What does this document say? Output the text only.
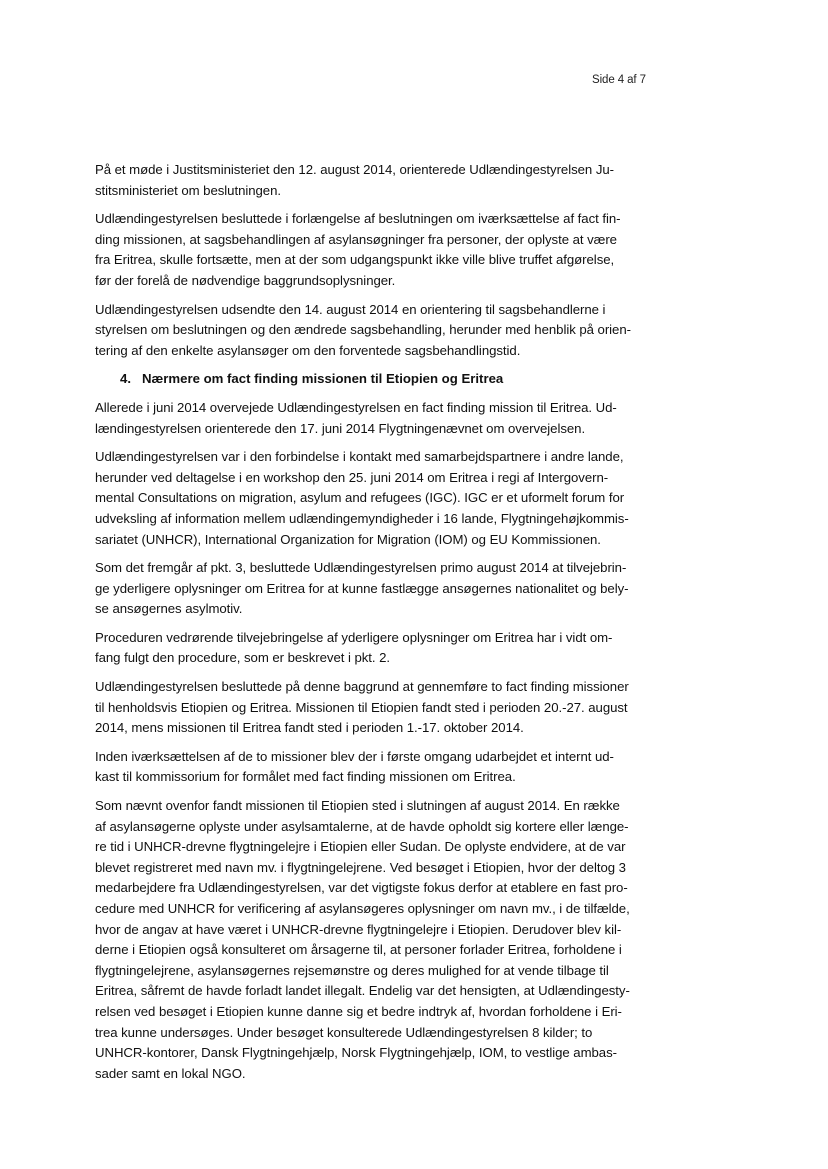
Side 4 af 7

På et møde i Justitsministeriet den 12. august 2014, orienterede Udlændingestyrelsen Ju-
stitsministeriet om beslutningen.

Udlændingestyrelsen besluttede i forlængelse af beslutningen om iværksættelse af fact fin-
ding missionen, at sagsbehandlingen af asylansøgninger fra personer, der oplyste at være
fra Eritrea, skulle fortsætte, men at der som udgangspunkt ikke ville blive truffet afgørelse,
før der forelå de nødvendige baggrundsoplysninger.

Udlændingestyrelsen udsendte den 14. august 2014 en orientering til sagsbehandlerne i
styrelsen om beslutningen og den ændrede sagsbehandling, herunder med henblik på orien-
tering af den enkelte asylansøger om den forventede sagsbehandlingstid.

4. Nærmere om fact finding missionen til Etiopien og Eritrea

Allerede i juni 2014 overvejede Udlændingestyrelsen en fact finding mission til Eritrea. Ud-
lændingestyrelsen orienterede den 17. juni 2014 Flygtningenævnet om overvejelsen.

Udlændingestyrelsen var i den forbindelse i kontakt med samarbejdspartnere i andre lande,
herunder ved deltagelse i en workshop den 25. juni 2014 om Eritrea i regi af Intergovern-
mental Consultations on migration, asylum and refugees (IGC). IGC er et uformelt forum for
udveksling af information mellem udlændingemyndigheder i 16 lande, Flygtningehøjkommis-
sariatet (UNHCR), International Organization for Migration (IOM) og EU Kommissionen.

Som det fremgår af pkt. 3, besluttede Udlændingestyrelsen primo august 2014 at tilvejebrin-
ge yderligere oplysninger om Eritrea for at kunne fastlægge ansøgernes nationalitet og bely-
se ansøgernes asylmotiv.

Proceduren vedrørende tilvejebringelse af yderligere oplysninger om Eritrea har i vidt om-
fang fulgt den procedure, som er beskrevet i pkt. 2.

Udlændingestyrelsen besluttede på denne baggrund at gennemføre to fact finding missioner
til henholdsvis Etiopien og Eritrea. Missionen til Etiopien fandt sted i perioden 20.-27. august
2014, mens missionen til Eritrea fandt sted i perioden 1.-17. oktober 2014.

Inden iværksættelsen af de to missioner blev der i første omgang udarbejdet et internt ud-
kast til kommissorium for formålet med fact finding missionen om Eritrea.

Som nævnt ovenfor fandt missionen til Etiopien sted i slutningen af august 2014. En række
af asylansøgerne oplyste under asylsamtalerne, at de havde opholdt sig kortere eller længe-
re tid i UNHCR-drevne flygtningelejre i Etiopien eller Sudan. De oplyste endvidere, at de var
blevet registreret med navn mv. i flygtningelejrene. Ved besøget i Etiopien, hvor der deltog 3
medarbejdere fra Udlændingestyrelsen, var det vigtigste fokus derfor at etablere en fast pro-
cedure med UNHCR for verificering af asylansøgeres oplysninger om navn mv., i de tilfælde,
hvor de angav at have været i UNHCR-drevne flygtningelejre i Etiopien. Derudover blev kil-
derne i Etiopien også konsulteret om årsagerne til, at personer forlader Eritrea, forholdene i
flygtningelejrene, asylansøgernes rejsemønstre og deres mulighed for at vende tilbage til
Eritrea, såfremt de havde forladt landet illegalt. Endelig var det hensigten, at Udlændingesty-
relsen ved besøget i Etiopien kunne danne sig et bedre indtryk af, hvordan forholdene i Eri-
trea kunne undersøges. Under besøget konsulterede Udlændingestyrelsen 8 kilder; to
UNHCR-kontorer, Dansk Flygtningehjælp, Norsk Flygtningehjælp, IOM, to vestlige ambas-
sader samt en lokal NGO.
